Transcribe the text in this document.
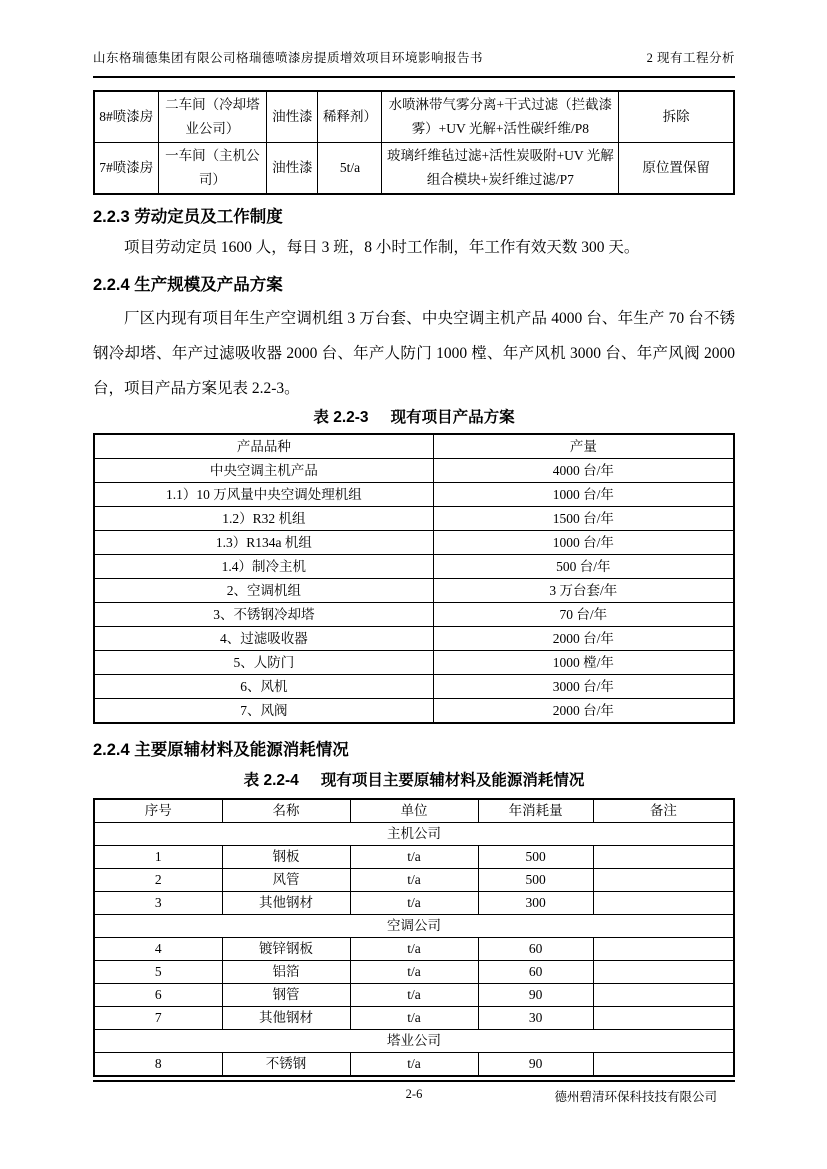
山东格瑞德集团有限公司格瑞德喷漆房提质增效项目环境影响报告书	2 现有工程分析
8#喷漆房	二车间（冷却塔业公司）	油性漆	稀释剂）	水喷淋带气雾分离+干式过滤（拦截漆雾）+UV 光解+活性碳纤维/P8	拆除
7#喷漆房	一车间（主机公司）	油性漆	5t/a	玻璃纤维毡过滤+活性炭吸附+UV 光解组合模块+炭纤维过滤/P7	原位置保留
2.2.3 劳动定员及工作制度
项目劳动定员 1600 人，每日 3 班，8 小时工作制，年工作有效天数 300 天。
2.2.4 生产规模及产品方案
厂区内现有项目年生产空调机组 3 万台套、中央空调主机产品 4000 台、年生产 70 台不锈钢冷却塔、年产过滤吸收器 2000 台、年产人防门 1000 樘、年产风机 3000 台、年产风阀 2000 台，项目产品方案见表 2.2-3。
表 2.2-3 现有项目产品方案
产品品种	产量
中央空调主机产品	4000 台/年
1.1）10 万风量中央空调处理机组	1000 台/年
1.2）R32 机组	1500 台/年
1.3）R134a 机组	1000 台/年
1.4）制冷主机	500 台/年
2、空调机组	3 万台套/年
3、不锈钢冷却塔	70 台/年
4、过滤吸收器	2000 台/年
5、人防门	1000 樘/年
6、风机	3000 台/年
7、风阀	2000 台/年
2.2.4 主要原辅材料及能源消耗情况
表 2.2-4 现有项目主要原辅材料及能源消耗情况
序号	名称	单位	年消耗量	备注
主机公司				
1	钢板	t/a	500	
2	风管	t/a	500	
3	其他钢材	t/a	300	
空调公司				
4	镀锌钢板	t/a	60	
5	铝箔	t/a	60	
6	钢管	t/a	90	
7	其他钢材	t/a	30	
塔业公司				
8	不锈钢	t/a	90	
2-6	德州碧清环保科技技有限公司
